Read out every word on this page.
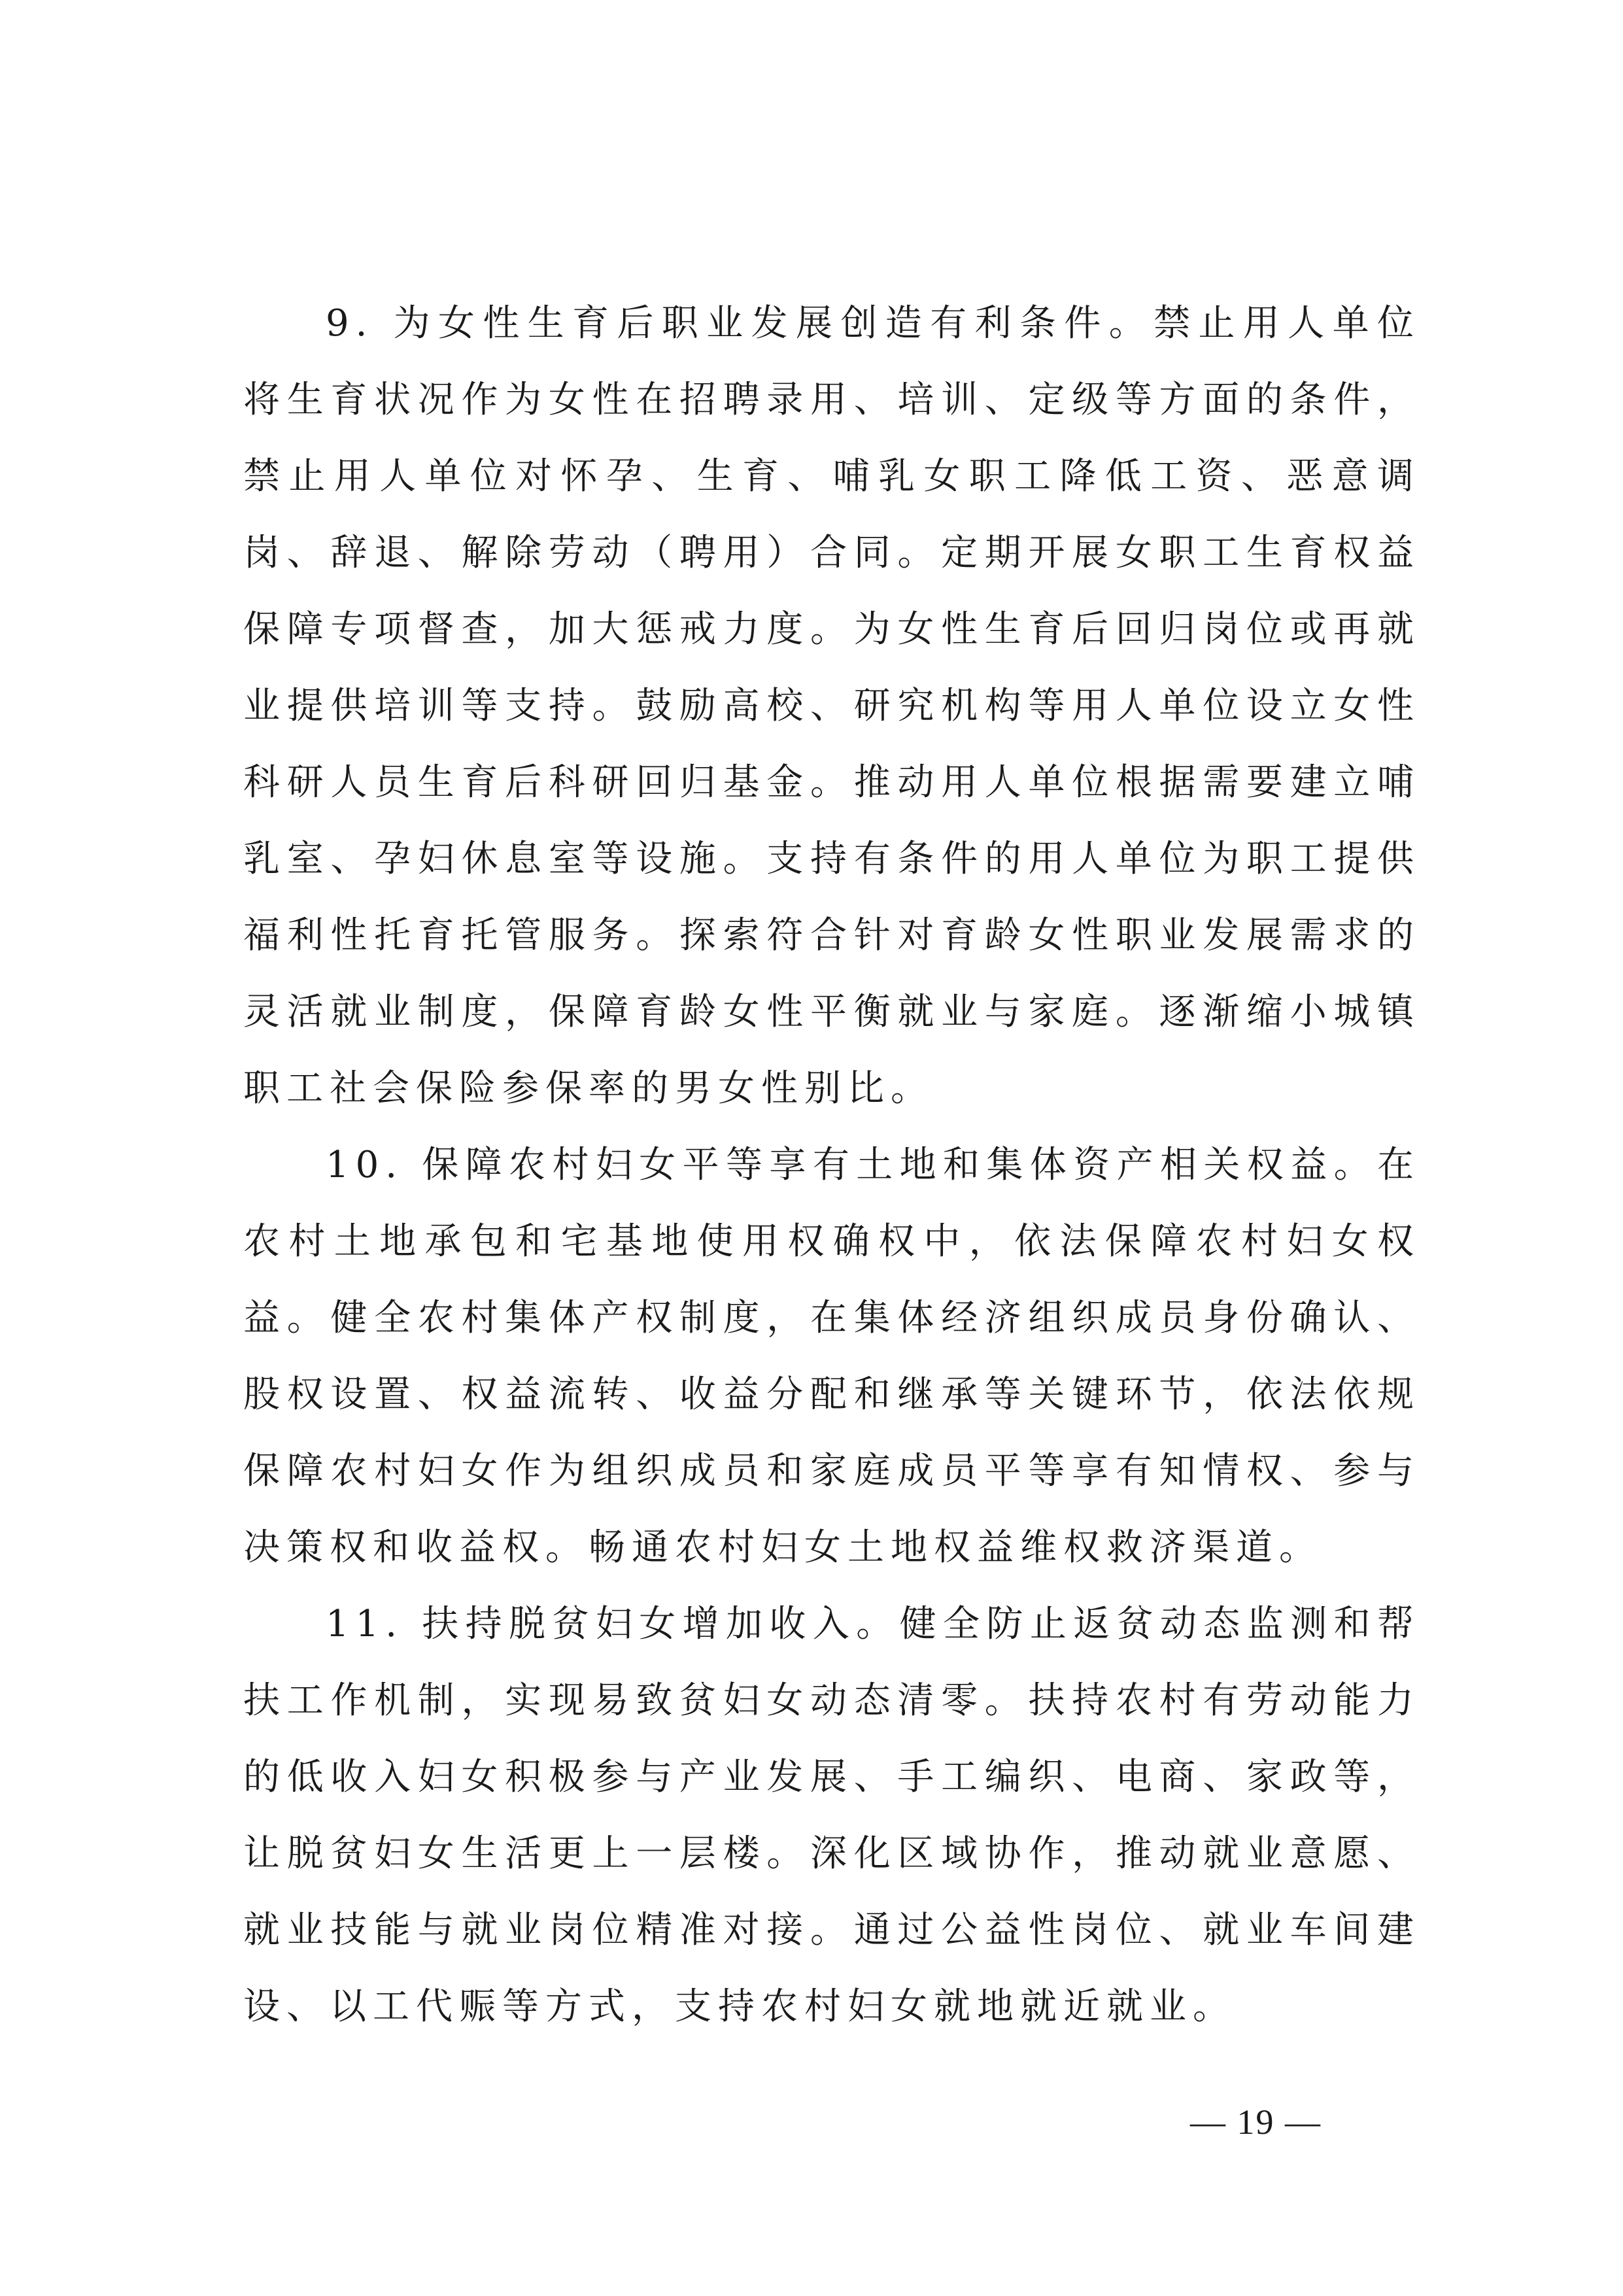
9. 为女性生育后职业发展创造有利条件。禁止用人单位将生育状况作为女性在招聘录用、培训、定级等方面的条件，禁止用人单位对怀孕、生育、哺乳女职工降低工资、恶意调岗、辞退、解除劳动（聘用）合同。定期开展女职工生育权益保障专项督查，加大惩戒力度。为女性生育后回归岗位或再就业提供培训等支持。鼓励高校、研究机构等用人单位设立女性科研人员生育后科研回归基金。推动用人单位根据需要建立哺乳室、孕妇休息室等设施。支持有条件的用人单位为职工提供福利性托育托管服务。探索符合针对育龄女性职业发展需求的灵活就业制度，保障育龄女性平衡就业与家庭。逐渐缩小城镇职工社会保险参保率的男女性别比。

10. 保障农村妇女平等享有土地和集体资产相关权益。在农村土地承包和宅基地使用权确权中，依法保障农村妇女权益。健全农村集体产权制度，在集体经济组织成员身份确认、股权设置、权益流转、收益分配和继承等关键环节，依法依规保障农村妇女作为组织成员和家庭成员平等享有知情权、参与决策权和收益权。畅通农村妇女土地权益维权救济渠道。

11. 扶持脱贫妇女增加收入。健全防止返贫动态监测和帮扶工作机制，实现易致贫妇女动态清零。扶持农村有劳动能力的低收入妇女积极参与产业发展、手工编织、电商、家政等，让脱贫妇女生活更上一层楼。深化区域协作，推动就业意愿、就业技能与就业岗位精准对接。通过公益性岗位、就业车间建设、以工代赈等方式，支持农村妇女就地就近就业。

— 19 —
